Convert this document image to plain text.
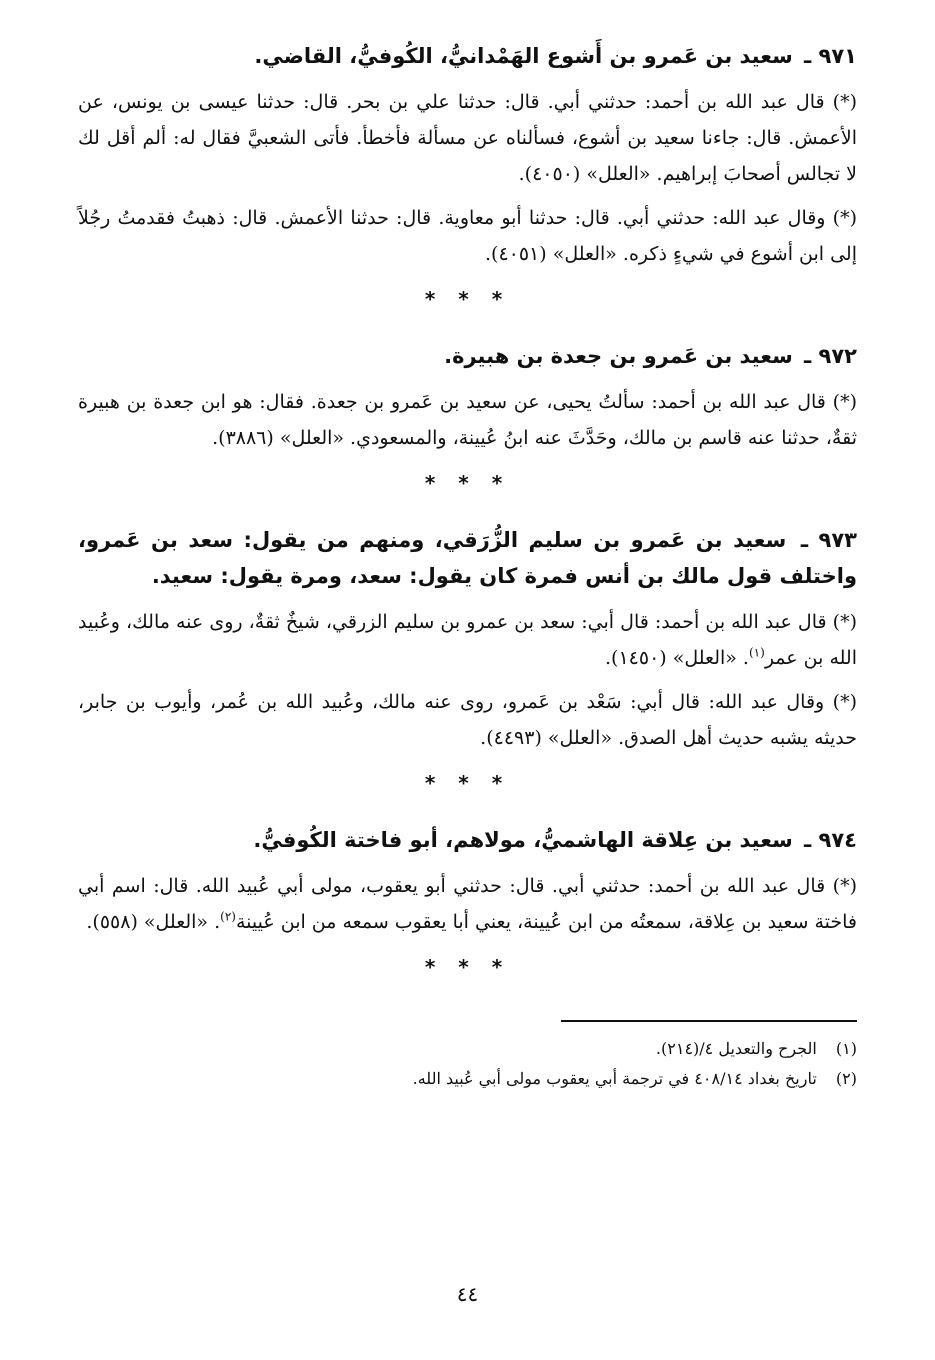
٩٧١ ـ سعيد بن عَمرو بن أَشوع الهَمْدانيُّ، الكُوفيُّ، القاضي.

(*) قال عبد الله بن أحمد: حدثني أبي. قال: حدثنا علي بن بحر. قال: حدثنا عيسى بن يونس، عن الأعمش. قال: جاءنا سعيد بن أشوع، فسألناه عن مسألة فأخطأ. فأتى الشعبيَّ فقال له: ألم أقل لك لا تجالس أصحابَ إبراهيم. «العلل» (٤٠٥٠).

(*) وقال عبد الله: حدثني أبي. قال: حدثنا أبو معاوية. قال: حدثنا الأعمش. قال: ذهبتُ فقدمتُ رجُلاً إلى ابن أشوع في شيءٍ ذكره. «العلل» (٤٠٥١).

* * *
٩٧٢ ـ سعيد بن عَمرو بن جعدة بن هبيرة.

(*) قال عبد الله بن أحمد: سألتُ يحيى، عن سعيد بن عَمرو بن جعدة. فقال: هو ابن جعدة بن هبيرة ثقةٌ، حدثنا عنه قاسم بن مالك، وحَدَّثَ عنه ابنُ عُيينة، والمسعودي. «العلل» (٣٨٨٦).

* * *
٩٧٣ ـ سعيد بن عَمرو بن سليم الزُّرَقي، ومنهم من يقول: سعد بن عَمرو، واختلف قول مالك بن أنس فمرة كان يقول: سعد، ومرة يقول: سعيد.

(*) قال عبد الله بن أحمد: قال أبي: سعد بن عمرو بن سليم الزرقي، شيخٌ ثقةٌ، روى عنه مالك، وعُبيد الله بن عمر$^{(١)}$. «العلل» (١٤٥٠).

(*) وقال عبد الله: قال أبي: سَعْد بن عَمرو، روى عنه مالك، وعُبيد الله بن عُمر، وأيوب بن جابر، حديثه يشبه حديث أهل الصدق. «العلل» (٤٤٩٣).

* * *
٩٧٤ ـ سعيد بن عِلاقة الهاشميُّ، مولاهم، أبو فاختة الكُوفيُّ.

(*) قال عبد الله بن أحمد: حدثني أبي. قال: حدثني أبو يعقوب، مولى أبي عُبيد الله. قال: اسم أبي فاختة سعيد بن عِلاقة، سمعتُه من ابن عُيينة، يعني أبا يعقوب سمعه من ابن عُيينة$^{(٢)}$. «العلل» (٥٥٨).

* * *

(١) الجرح والتعديل ٤/(٢١٤).

(٢) تاريخ بغداد ٤٠٨/١٤ في ترجمة أبي يعقوب مولى أبي عُبيد الله.

٤٤
